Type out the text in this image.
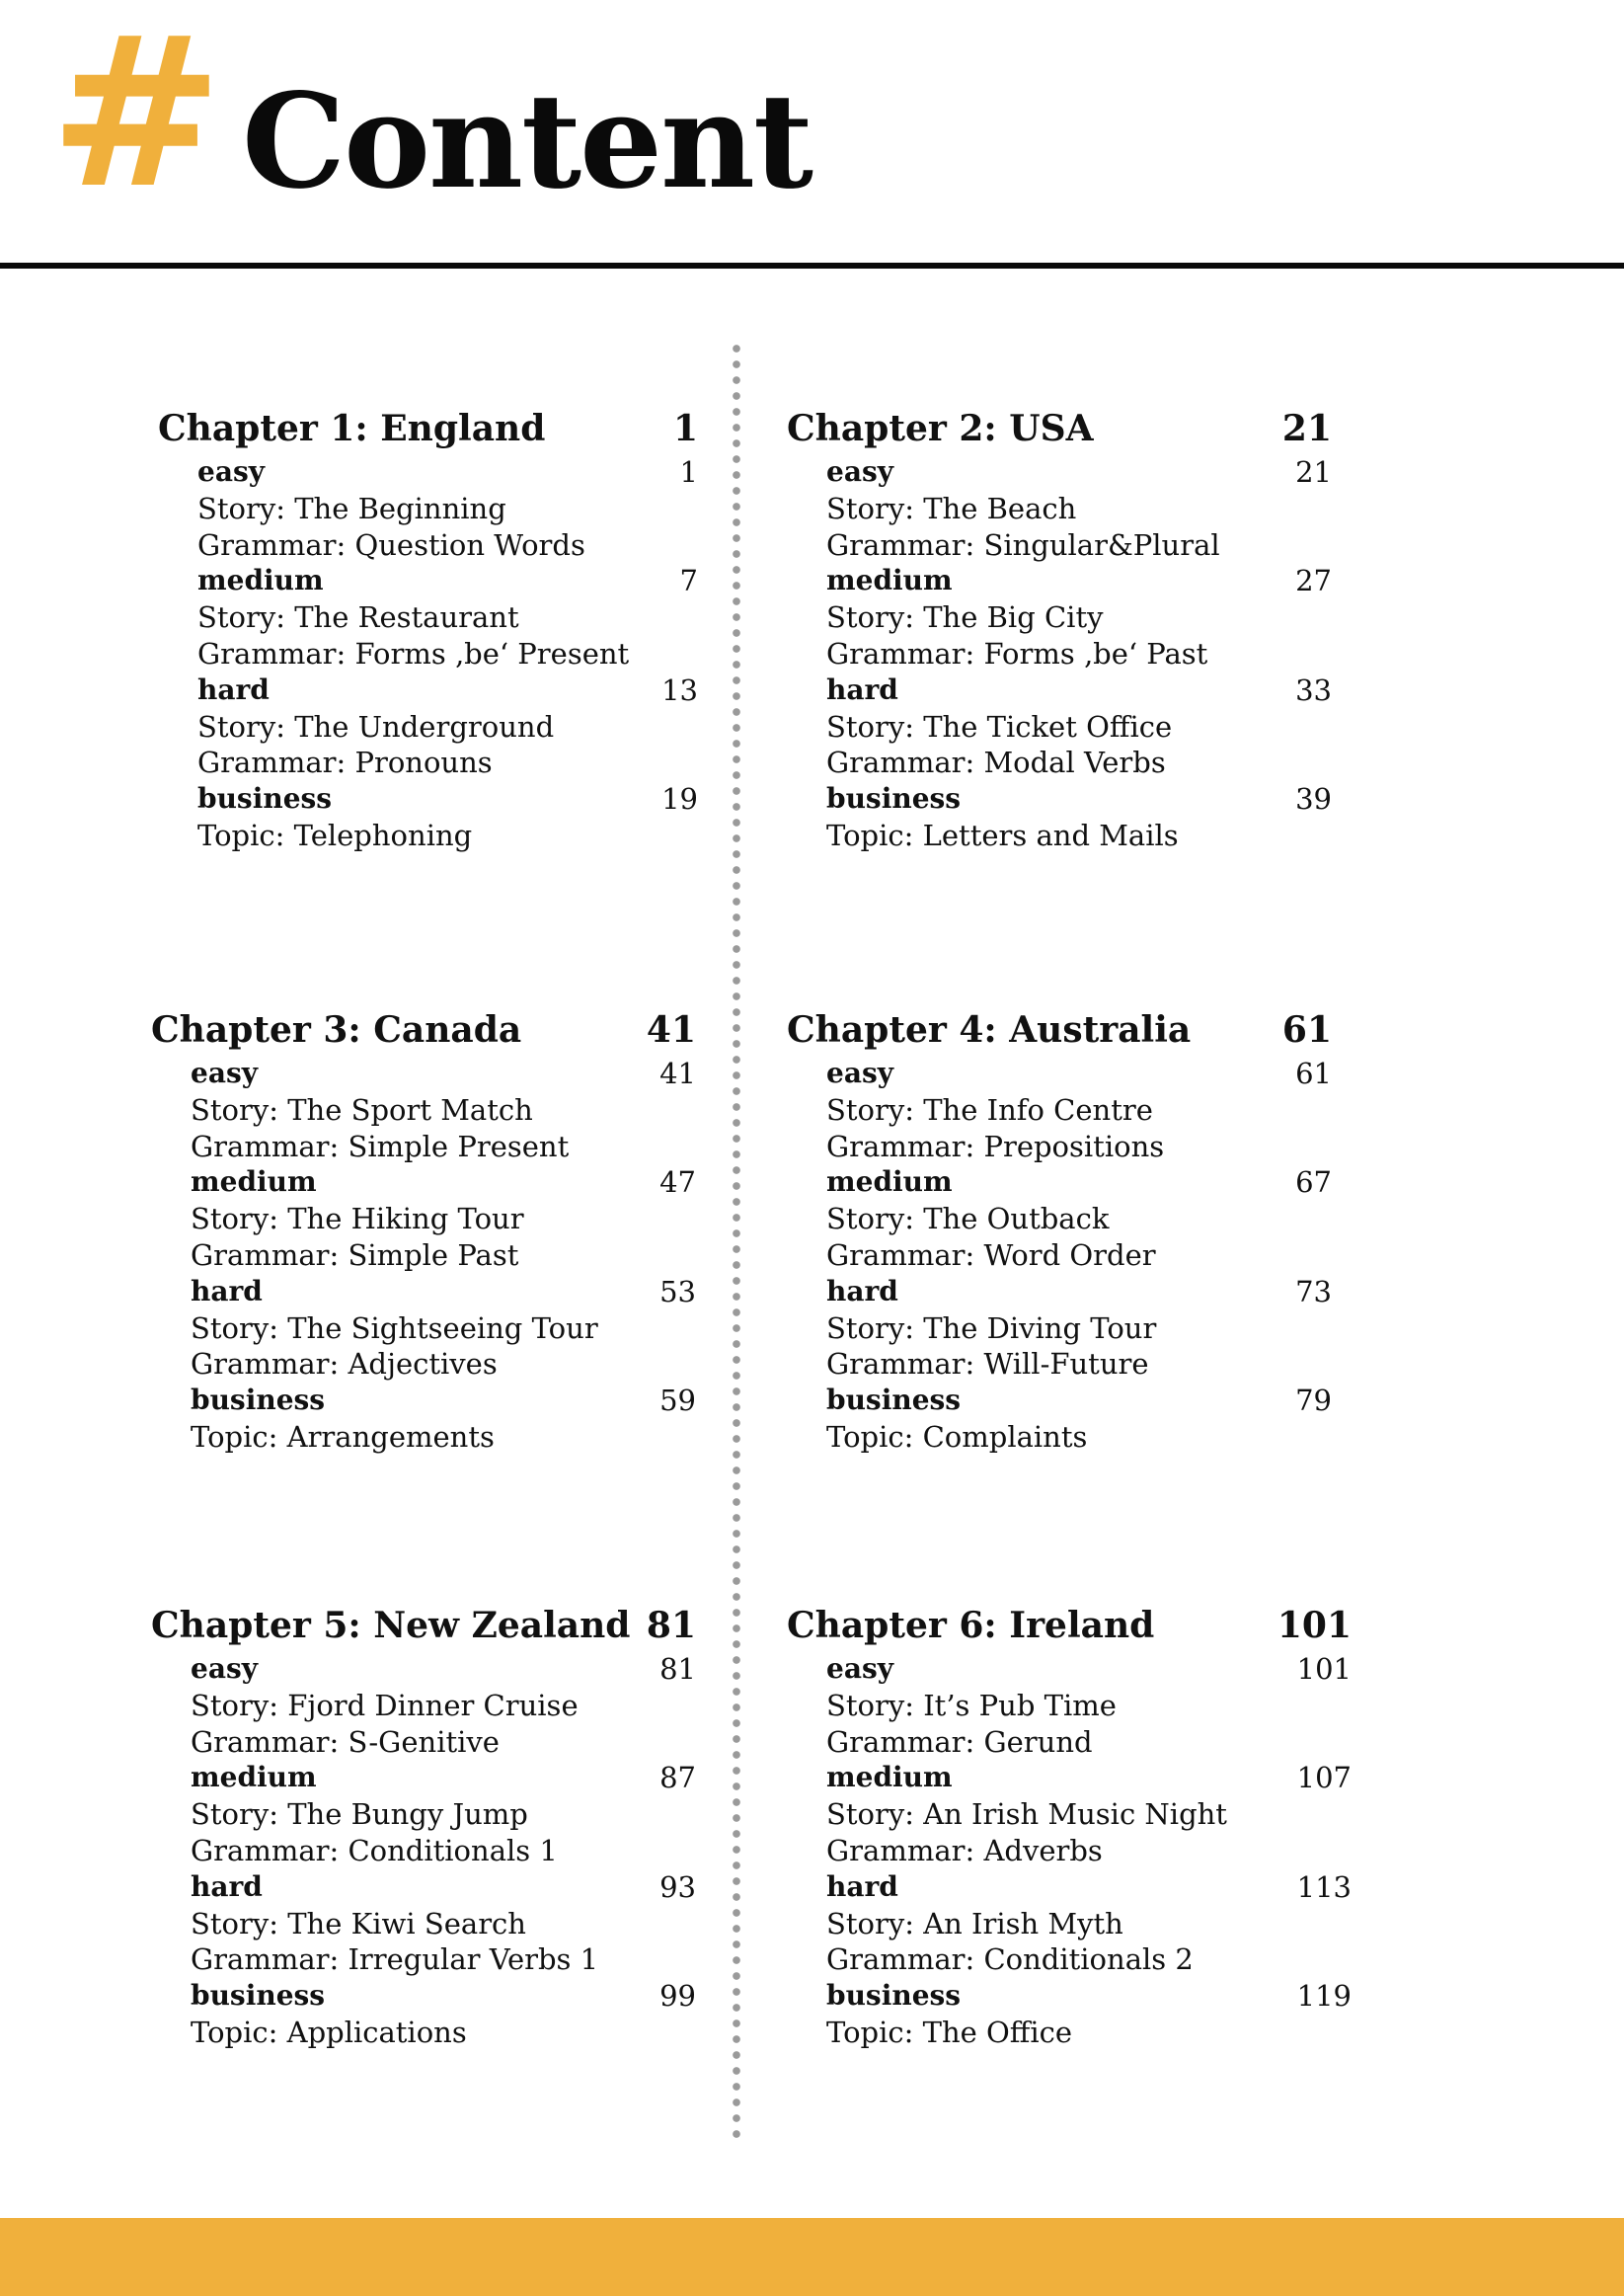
# Content
Chapter 1: England	1
easy	1
Story: The Beginning
Grammar: Question Words
medium	7
Story: The Restaurant
Grammar: Forms ‚be‘ Present
hard	13
Story: The Underground
Grammar: Pronouns
business	19
Topic: Telephoning
Chapter 2: USA	21
easy	21
Story: The Beach
Grammar: Singular&Plural
medium	27
Story: The Big City
Grammar: Forms ‚be‘ Past
hard	33
Story: The Ticket Office
Grammar: Modal Verbs
business	39
Topic: Letters and Mails
Chapter 3: Canada	41
easy	41
Story: The Sport Match
Grammar: Simple Present
medium	47
Story: The Hiking Tour
Grammar: Simple Past
hard	53
Story: The Sightseeing Tour
Grammar: Adjectives
business	59
Topic: Arrangements
Chapter 4: Australia	61
easy	61
Story: The Info Centre
Grammar: Prepositions
medium	67
Story: The Outback
Grammar: Word Order
hard	73
Story: The Diving Tour
Grammar: Will-Future
business	79
Topic: Complaints
Chapter 5: New Zealand 81
easy	81
Story: Fjord Dinner Cruise
Grammar: S-Genitive
medium	87
Story: The Bungy Jump
Grammar: Conditionals 1
hard	93
Story: The Kiwi Search
Grammar: Irregular Verbs 1
business	99
Topic: Applications
Chapter 6: Ireland	101
easy	101
Story: It’s Pub Time
Grammar: Gerund
medium	107
Story: An Irish Music Night
Grammar: Adverbs
hard	113
Story: An Irish Myth
Grammar: Conditionals 2
business	119
Topic: The Office
